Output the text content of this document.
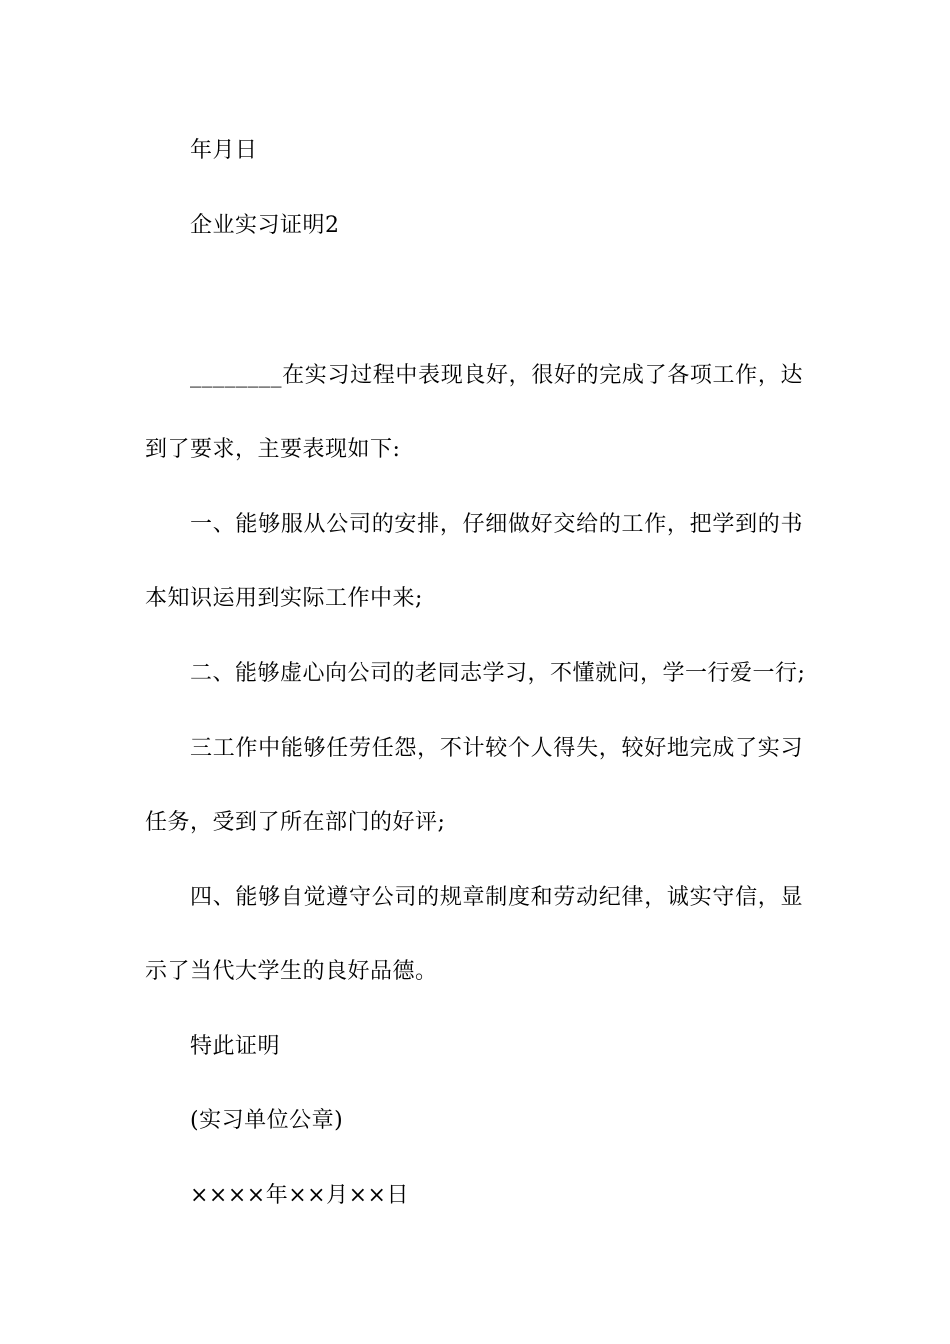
年月日
企业实习证明2
________在实习过程中表现良好，很好的完成了各项工作，达
到了要求，主要表现如下:
一、能够服从公司的安排，仔细做好交给的工作，把学到的书
本知识运用到实际工作中来;
二、能够虚心向公司的老同志学习，不懂就问，学一行爱一行;
三工作中能够任劳任怨，不计较个人得失，较好地完成了实习
任务，受到了所在部门的好评;
四、能够自觉遵守公司的规章制度和劳动纪律，诚实守信，显
示了当代大学生的良好品德。
特此证明
(实习单位公章)
××××年××月××日
